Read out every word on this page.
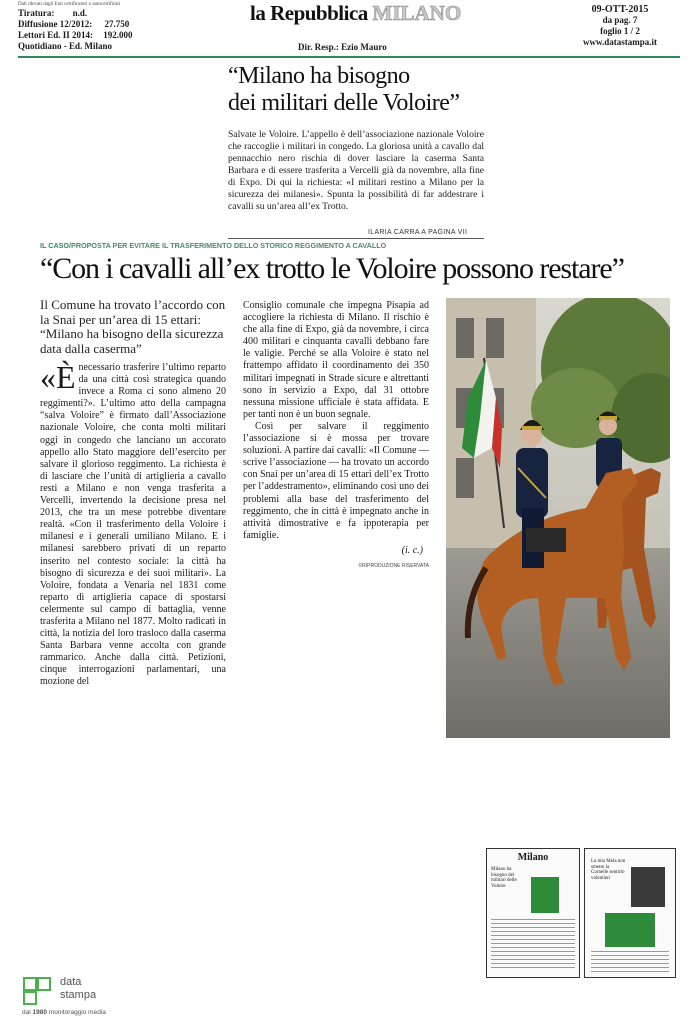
Dati rilevati dagli Enti certificatori o autocertificati
Tiratura: n.d.
Diffusione 12/2012: 27.750
Lettori Ed. II 2014: 192.000
Quotidiano - Ed. Milano
la Repubblica MILANO
Dir. Resp.: Ezio Mauro
09-OTT-2015
da pag. 7
foglio 1 / 2
www.datastampa.it
“Milano ha bisogno
dei militari delle Voloire”
Salvate le Voloire. L’appello è dell’associazione nazionale Voloire che raccoglie i militari in congedo. La gloriosa unità a cavallo dal pennacchio nero rischia di dover lasciare la caserma Santa Barbara e di essere trasferita a Vercelli già da novembre, alla fine di Expo. Di qui la richiesta: «I militari restino a Milano per la sicurezza dei milanesi». Spunta la possibilità di far addestrare i cavalli su un’area all’ex Trotto.
ILARIA CARRA A PAGINA VII
IL CASO/PROPOSTA PER EVITARE IL TRASFERIMENTO DELLO STORICO REGGIMENTO A CAVALLO
“Con i cavalli all’ex trotto le Voloire possono restare”
Il Comune ha trovato l’accordo con la Snai per un’area di 15 ettari: “Milano ha bisogno della sicurezza data dalla caserma”

«Ènecessario trasferire l’ultimo reparto da una città così strategica quando invece a Roma ci sono almeno 20 reggimenti?». L’ultimo atto della campagna “salva Voloire” è firmato dall’Associazione nazionale Voloire, che conta molti militari oggi in congedo che lanciano un accorato appello allo Stato maggiore dell’esercito per salvare il glorioso reggimento. La richiesta è di lasciare che l’unità di artiglieria a cavallo resti a Milano e non venga trasferita a Vercelli, invertendo la decisione presa nel 2013, che tra un mese potrebbe diventare realtà. «Con il trasferimento della Voloire i milanesi e i generali umiliano Milano. E i milanesi sarebbero privati di un reparto inserito nel contesto sociale: la città ha bisogno di sicurezza e dei suoi militari». La Voloire, fondata a Venaria nel 1831 come reparto di artiglieria capace di spostarsi celermente sul campo di battaglia, venne trasferita a Milano nel 1877. Molto radicati in città, la notizia del loro trasloco dalla caserma Santa Barbara venne accolta con grande rammarico. Anche dalla città. Petizioni, cinque interrogazioni parlamentari, una mozione del

Consiglio comunale che impegna Pisapia ad accogliere la richiesta di Milano. Il rischio è che alla fine di Expo, già da novembre, i circa 400 militari e cinquanta cavalli debbano fare le valigie. Perché se alla Voloire è stato nel frattempo affidato il coordinamento dei 350 militari impegnati in Strade sicure e altrettanti sono in servizio a Expo, dal 31 ottobre nessuna missione ufficiale è stata affidata. E per tanti non è un buon segnale.

Così per salvare il reggimento l’associazione si è mossa per trovare soluzioni. A partire dai cavalli: «Il Comune — scrive l’associazione — ha trovato un accordo con Snai per un’area di 15 ettari dell’ex Trotto per l’addestramento», eliminando così uno dei problemi alla base del trasferimento del reggimento, che in città è impegnato anche in attività dimostrative e fa ippoterapia per famiglie.

(i. c.)

©RIPRODUZIONE RISERVATA

Milano
Milano ha bisogno dei militari delle Voloire
La mia Mela non smetto la Cornelle sentirlo volentieri
data
stampa
dal 1980 monitoraggio media
